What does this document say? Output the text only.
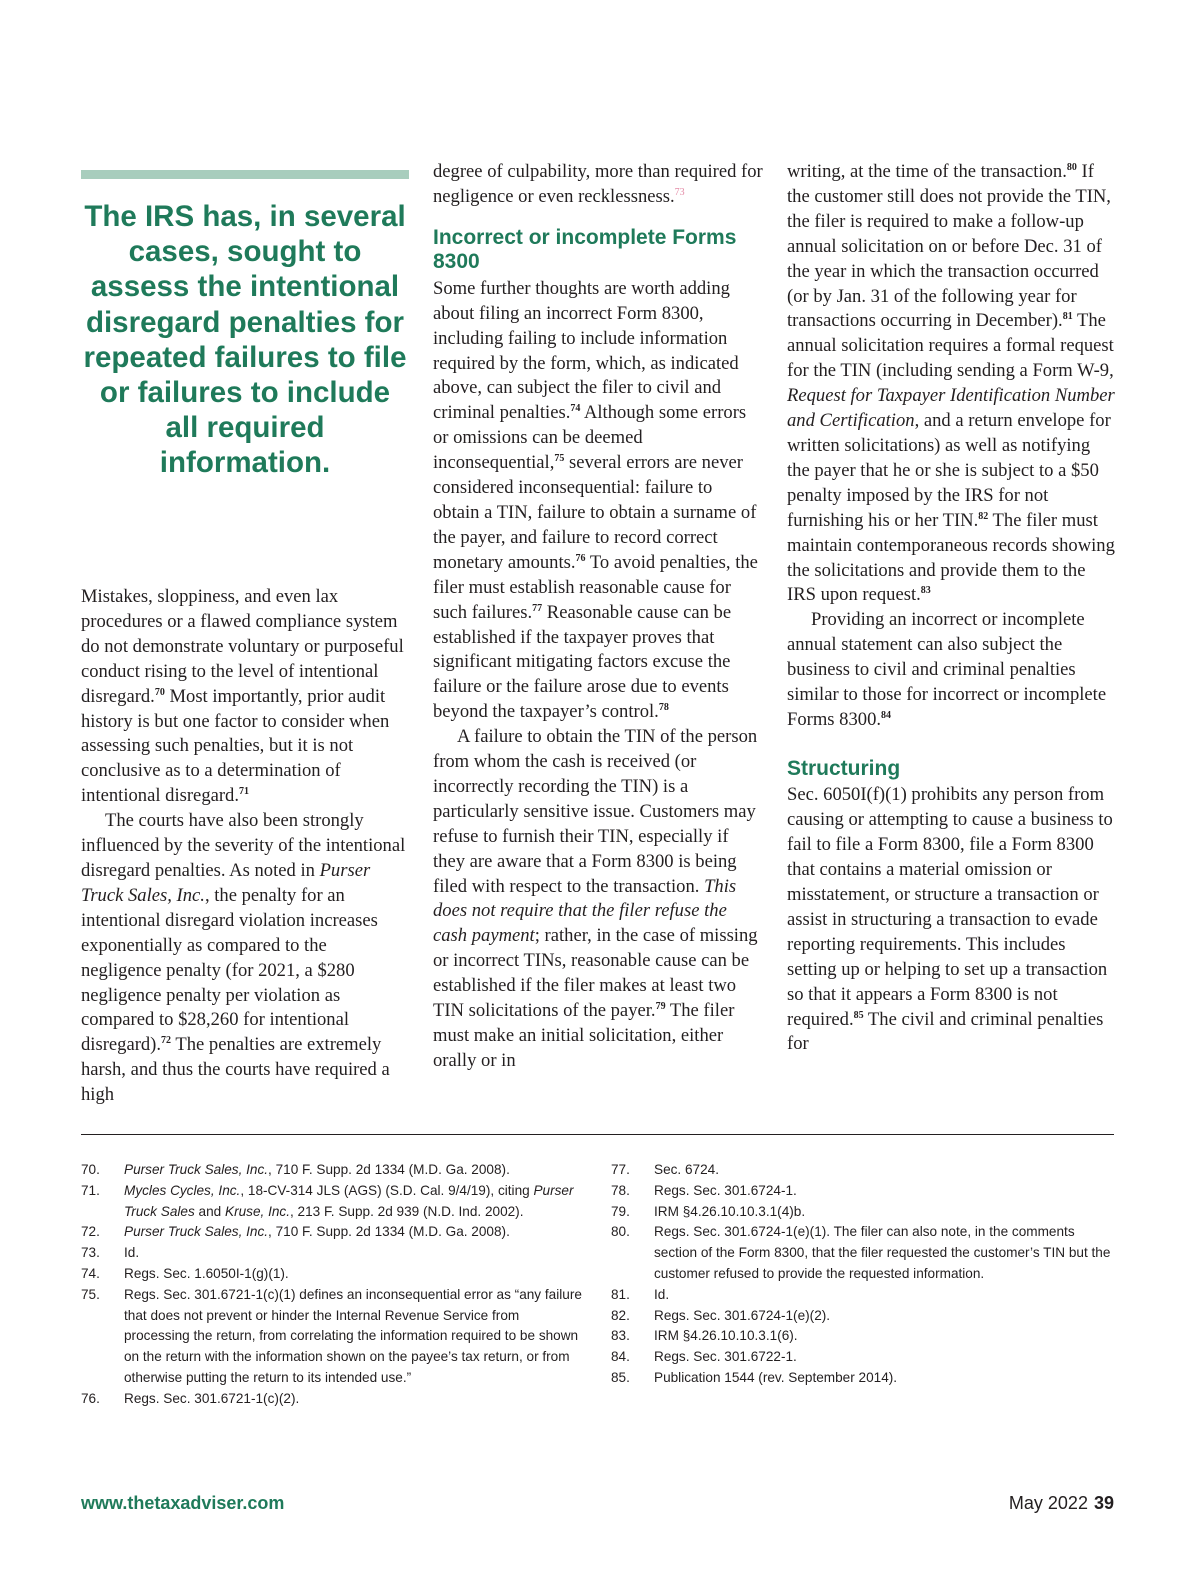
The IRS has, in several cases, sought to assess the intentional disregard penalties for repeated failures to file or failures to include all required information.

Mistakes, sloppiness, and even lax procedures or a flawed compliance system do not demonstrate voluntary or purposeful conduct rising to the level of intentional disregard.$^{70}$ Most importantly, prior audit history is but one factor to consider when assessing such penalties, but it is not conclusive as to a determination of intentional disregard.$^{71}$

The courts have also been strongly influenced by the severity of the intentional disregard penalties. As noted in Purser Truck Sales, Inc., the penalty for an intentional disregard violation increases exponentially as compared to the negligence penalty (for 2021, a $280 negligence penalty per violation as compared to $28,260 for intentional disregard).$^{72}$ The penalties are extremely harsh, and thus the courts have required a high

degree of culpability, more than required for negligence or even recklessness.$^{73}$

Incorrect or incomplete Forms 8300

Some further thoughts are worth adding about filing an incorrect Form 8300, including failing to include information required by the form, which, as indicated above, can subject the filer to civil and criminal penalties.$^{74}$ Although some errors or omissions can be deemed inconsequential,$^{75}$ several errors are never considered inconsequential: failure to obtain a TIN, failure to obtain a surname of the payer, and failure to record correct monetary amounts.$^{76}$ To avoid penalties, the filer must establish reasonable cause for such failures.$^{77}$ Reasonable cause can be established if the taxpayer proves that significant mitigating factors excuse the failure or the failure arose due to events beyond the taxpayer’s control.$^{78}$

A failure to obtain the TIN of the person from whom the cash is received (or incorrectly recording the TIN) is a particularly sensitive issue. Customers may refuse to furnish their TIN, especially if they are aware that a Form 8300 is being filed with respect to the transaction. This does not require that the filer refuse the cash payment; rather, in the case of missing or incorrect TINs, reasonable cause can be established if the filer makes at least two TIN solicitations of the payer.$^{79}$ The filer must make an initial solicitation, either orally or in

writing, at the time of the transaction.$^{80}$ If the customer still does not provide the TIN, the filer is required to make a follow-up annual solicitation on or before Dec. 31 of the year in which the transaction occurred (or by Jan. 31 of the following year for transactions occurring in December).$^{81}$ The annual solicitation requires a formal request for the TIN (including sending a Form W-9, Request for Taxpayer Identification Number and Certification, and a return envelope for written solicitations) as well as notifying the payer that he or she is subject to a $50 penalty imposed by the IRS for not furnishing his or her TIN.$^{82}$ The filer must maintain contemporaneous records showing the solicitations and provide them to the IRS upon request.$^{83}$

Providing an incorrect or incomplete annual statement can also subject the business to civil and criminal penalties similar to those for incorrect or incomplete Forms 8300.84

Structuring

Sec. 6050I(f)(1) prohibits any person from causing or attempting to cause a business to fail to file a Form 8300, file a Form 8300 that contains a material omission or misstatement, or structure a transaction or assist in structuring a transaction to evade reporting requirements. This includes setting up or helping to set up a transaction so that it appears a Form 8300 is not required.$^{85}$ The civil and criminal penalties for

70.	Purser Truck Sales, Inc., 710 F. Supp. 2d 1334 (M.D. Ga. 2008).
71.	Mycles Cycles, Inc., 18-CV-314 JLS (AGS) (S.D. Cal. 9/4/19), citing Purser Truck Sales and Kruse, Inc., 213 F. Supp. 2d 939 (N.D. Ind. 2002).
72.	Purser Truck Sales, Inc., 710 F. Supp. 2d 1334 (M.D. Ga. 2008).
73.	Id.
74.	Regs. Sec. 1.6050I-1(g)(1).
75.	Regs. Sec. 301.6721-1(c)(1) defines an inconsequential error as “any failure that does not prevent or hinder the Internal Revenue Service from processing the return, from correlating the information required to be shown on the return with the information shown on the payee’s tax return, or from otherwise putting the return to its intended use.”
76.	Regs. Sec. 301.6721-1(c)(2).
77.	Sec. 6724.
78.	Regs. Sec. 301.6724-1.
79.	IRM §4.26.10.10.3.1(4)b.
80.	Regs. Sec. 301.6724-1(e)(1). The filer can also note, in the comments section of the Form 8300, that the filer requested the customer’s TIN but the customer refused to provide the requested information.
81.	Id.
82.	Regs. Sec. 301.6724-1(e)(2).
83.	IRM §4.26.10.10.3.1(6).
84.	Regs. Sec. 301.6722-1.
85.	Publication 1544 (rev. September 2014).
www.thetaxadviser.com	May 2022 39
